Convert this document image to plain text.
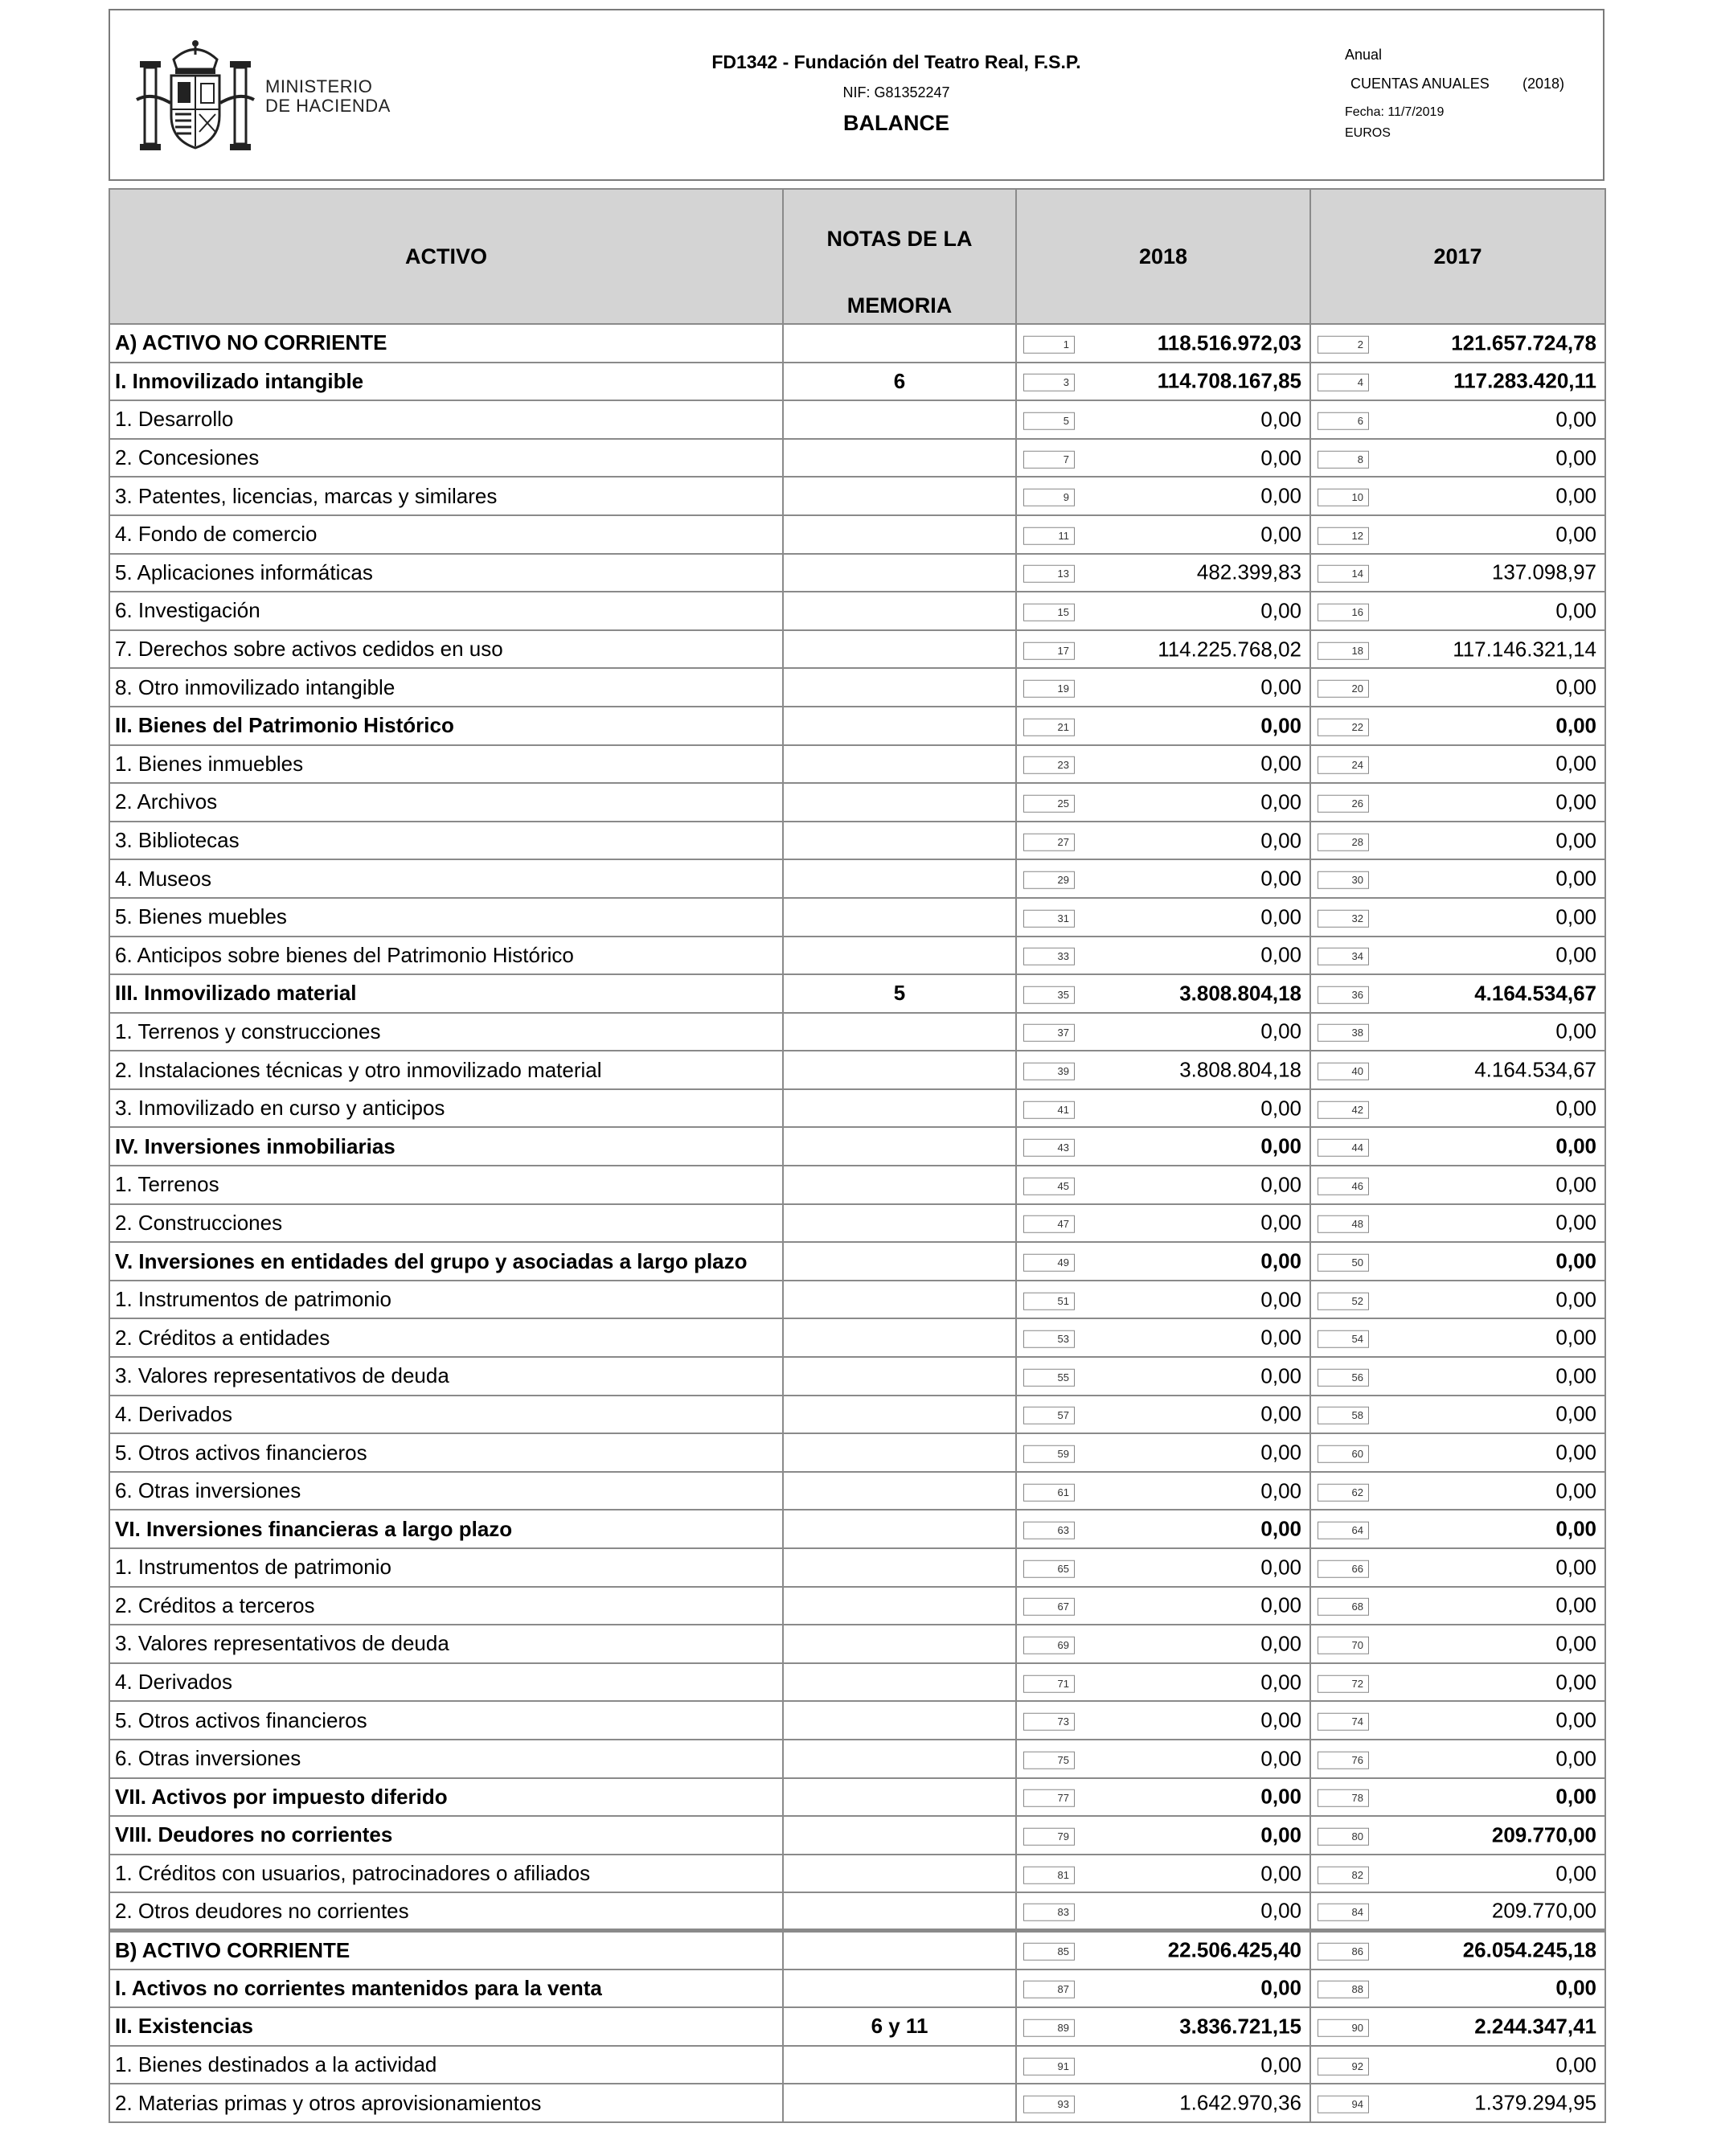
MINISTERIO
DE HACIENDA
FD1342 - Fundación del Teatro Real, F.S.P.
NIF: G81352247
BALANCE
Anual
CUENTAS ANUALES (2018)
Fecha: 11/7/2019
EUROS
ACTIVO	NOTAS DE LA
MEMORIA	2018	2017
A) ACTIVO NO CORRIENTE		1 118.516.972,03	2 121.657.724,78

I. Inmovilizado intangible	6	3 114.708.167,85	4 117.283.420,11

1. Desarrollo		5 0,00	6 0,00

2. Concesiones		7 0,00	8 0,00

3. Patentes, licencias, marcas y similares		9 0,00	10 0,00

4. Fondo de comercio		11 0,00	12 0,00

5. Aplicaciones informáticas		13 482.399,83	14 137.098,97

6. Investigación		15 0,00	16 0,00

7. Derechos sobre activos cedidos en uso		17 114.225.768,02	18 117.146.321,14

8. Otro inmovilizado intangible		19 0,00	20 0,00

II. Bienes del Patrimonio Histórico		21 0,00	22 0,00

1. Bienes inmuebles		23 0,00	24 0,00

2. Archivos		25 0,00	26 0,00

3. Bibliotecas		27 0,00	28 0,00

4. Museos		29 0,00	30 0,00

5. Bienes muebles		31 0,00	32 0,00

6. Anticipos sobre bienes del Patrimonio Histórico		33 0,00	34 0,00

III. Inmovilizado material	5	35 3.808.804,18	36 4.164.534,67

1. Terrenos y construcciones		37 0,00	38 0,00

2. Instalaciones técnicas y otro inmovilizado material		39 3.808.804,18	40 4.164.534,67

3. Inmovilizado en curso y anticipos		41 0,00	42 0,00

IV. Inversiones inmobiliarias		43 0,00	44 0,00

1. Terrenos		45 0,00	46 0,00

2. Construcciones		47 0,00	48 0,00

V. Inversiones en entidades del grupo y asociadas a largo plazo		49 0,00	50 0,00

1. Instrumentos de patrimonio		51 0,00	52 0,00

2. Créditos a entidades		53 0,00	54 0,00

3. Valores representativos de deuda		55 0,00	56 0,00

4. Derivados		57 0,00	58 0,00

5. Otros activos financieros		59 0,00	60 0,00

6. Otras inversiones		61 0,00	62 0,00

VI. Inversiones financieras a largo plazo		63 0,00	64 0,00

1. Instrumentos de patrimonio		65 0,00	66 0,00

2. Créditos a terceros		67 0,00	68 0,00

3. Valores representativos de deuda		69 0,00	70 0,00

4. Derivados		71 0,00	72 0,00

5. Otros activos financieros		73 0,00	74 0,00

6. Otras inversiones		75 0,00	76 0,00

VII. Activos por impuesto diferido		77 0,00	78 0,00

VIII. Deudores no corrientes		79 0,00	80 209.770,00

1. Créditos con usuarios, patrocinadores o afiliados		81 0,00	82 0,00

2. Otros deudores no corrientes		83 0,00	84 209.770,00

B) ACTIVO CORRIENTE		85 22.506.425,40	86 26.054.245,18

I. Activos no corrientes mantenidos para la venta		87 0,00	88 0,00

II. Existencias	6 y 11	89 3.836.721,15	90 2.244.347,41

1. Bienes destinados a la actividad		91 0,00	92 0,00

2. Materias primas y otros aprovisionamientos		93 1.642.970,36	94 1.379.294,95
